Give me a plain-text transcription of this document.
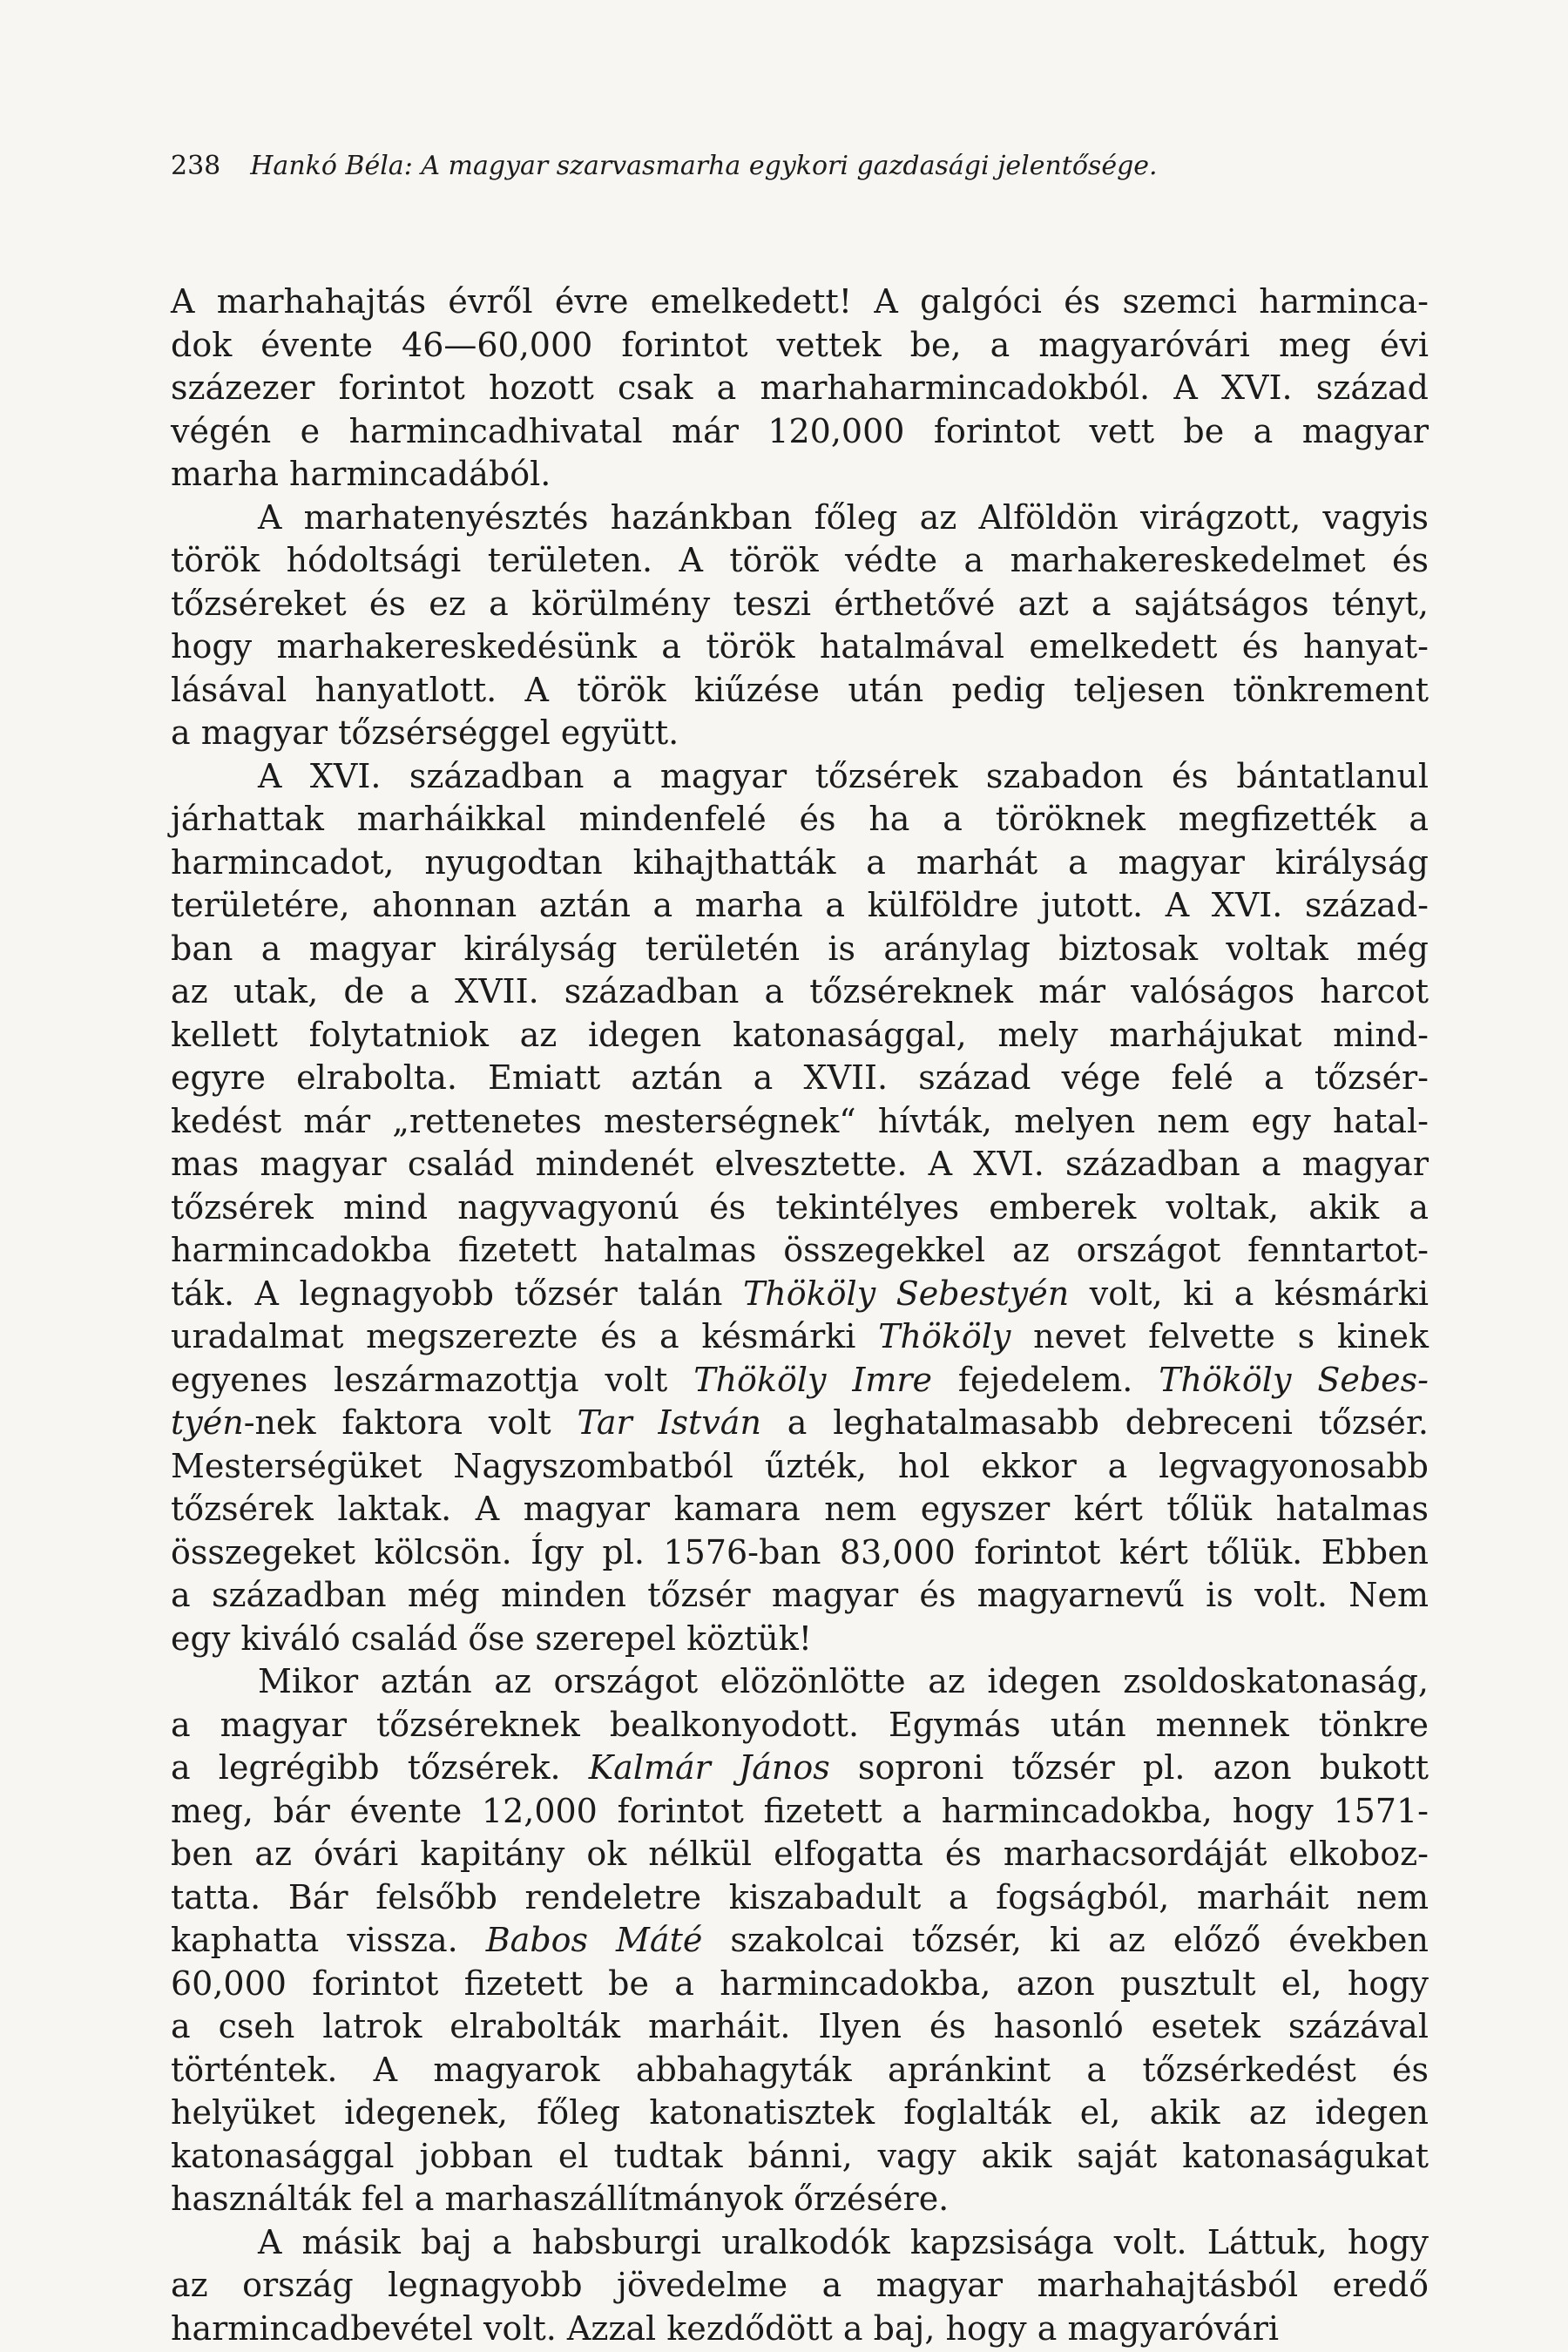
238 Hankó Béla: A magyar szarvasmarha egykori gazdasági jelentősége.
A marhahajtás évről évre emelkedett! A galgóci és szemci harminca-
dok évente 46—60,000 forintot vettek be, a magyaróvári meg évi
százezer forintot hozott csak a marhaharmincadokból. A XVI. század
végén e harmincadhivatal már 120,000 forintot vett be a magyar
marha harmincadából.
A marhatenyésztés hazánkban főleg az Alföldön virágzott, vagyis
török hódoltsági területen. A török védte a marhakereskedelmet és
tőzséreket és ez a körülmény teszi érthetővé azt a sajátságos tényt,
hogy marhakereskedésünk a török hatalmával emelkedett és hanyat-
lásával hanyatlott. A török kiűzése után pedig teljesen tönkrement
a magyar tőzsérséggel együtt.
A XVI. században a magyar tőzsérek szabadon és bántatlanul
járhattak marháikkal mindenfelé és ha a töröknek megfizették a
harmincadot, nyugodtan kihajthatták a marhát a magyar királyság
területére, ahonnan aztán a marha a külföldre jutott. A XVI. század-
ban a magyar királyság területén is aránylag biztosak voltak még
az utak, de a XVII. században a tőzséreknek már valóságos harcot
kellett folytatniok az idegen katonasággal, mely marhájukat mind-
egyre elrabolta. Emiatt aztán a XVII. század vége felé a tőzsér-
kedést már „rettenetes mesterségnek“ hívták, melyen nem egy hatal-
mas magyar család mindenét elvesztette. A XVI. században a magyar
tőzsérek mind nagyvagyonú és tekintélyes emberek voltak, akik a
harmincadokba fizetett hatalmas összegekkel az országot fenntartot-
ták. A legnagyobb tőzsér talán Thököly Sebestyén volt, ki a késmárki
uradalmat megszerezte és a késmárki Thököly nevet felvette s kinek
egyenes leszármazottja volt Thököly Imre fejedelem. Thököly Sebes-
tyén-nek faktora volt Tar István a leghatalmasabb debreceni tőzsér.
Mesterségüket Nagyszombatból űzték, hol ekkor a legvagyonosabb
tőzsérek laktak. A magyar kamara nem egyszer kért tőlük hatalmas
összegeket kölcsön. Így pl. 1576-ban 83,000 forintot kért tőlük. Ebben
a században még minden tőzsér magyar és magyarnevű is volt. Nem
egy kiváló család őse szerepel köztük!
Mikor aztán az országot elözönlötte az idegen zsoldoskatonaság,
a magyar tőzséreknek bealkonyodott. Egymás után mennek tönkre
a legrégibb tőzsérek. Kalmár János soproni tőzsér pl. azon bukott
meg, bár évente 12,000 forintot fizetett a harmincadokba, hogy 1571-
ben az óvári kapitány ok nélkül elfogatta és marhacsordáját elkoboz-
tatta. Bár felsőbb rendeletre kiszabadult a fogságból, marháit nem
kaphatta vissza. Babos Máté szakolcai tőzsér, ki az előző években
60,000 forintot fizetett be a harmincadokba, azon pusztult el, hogy
a cseh latrok elrabolták marháit. Ilyen és hasonló esetek százával
történtek. A magyarok abbahagyták apránkint a tőzsérkedést és
helyüket idegenek, főleg katonatisztek foglalták el, akik az idegen
katonasággal jobban el tudtak bánni, vagy akik saját katonaságukat
használták fel a marhaszállítmányok őrzésére.
A másik baj a habsburgi uralkodók kapzsisága volt. Láttuk, hogy
az ország legnagyobb jövedelme a magyar marhahajtásból eredő
harmincadbevétel volt. Azzal kezdődött a baj, hogy a magyaróvári
